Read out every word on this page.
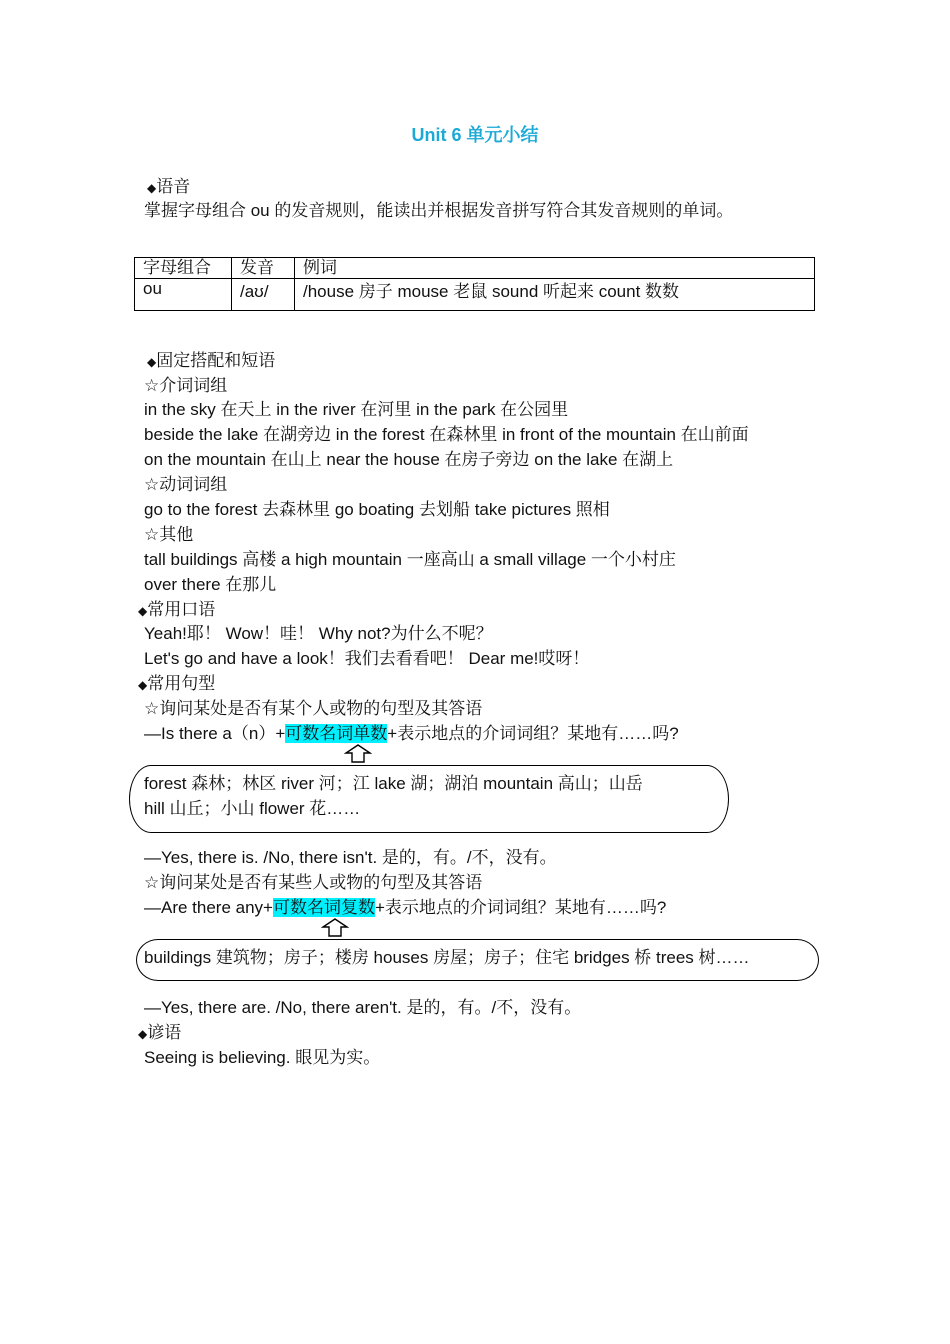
Unit 6 单元小结
◆语音
掌握字母组合 ou 的发音规则，能读出并根据发音拼写符合其发音规则的单词。
字母组合	发音	例词
ou	/aʊ/	/house 房子 mouse 老鼠 sound 听起来 count 数数
◆固定搭配和短语
☆介词词组
in the sky 在天上 in the river 在河里 in the park 在公园里
beside the lake 在湖旁边 in the forest 在森林里 in front of the mountain 在山前面
on the mountain 在山上 near the house 在房子旁边 on the lake 在湖上
☆动词词组
go to the forest 去森林里 go boating 去划船 take pictures 照相
☆其他
tall buildings 高楼 a high mountain 一座高山 a small village 一个小村庄
over there 在那儿
◆常用口语
Yeah!耶！ Wow！哇！ Why not?为什么不呢？
Let's go and have a look！我们去看看吧！ Dear me!哎呀！
◆常用句型
☆询问某处是否有某个人或物的句型及其答语
—Is there a（n）+可数名词单数+表示地点的介词词组？某地有……吗?
forest 森林；林区 river 河；江 lake 湖；湖泊 mountain 高山；山岳
hill 山丘；小山 flower 花……
—Yes, there is. /No, there isn't. 是的，有。/不，没有。
☆询问某处是否有某些人或物的句型及其答语
—Are there any+可数名词复数+表示地点的介词词组？某地有……吗?
buildings 建筑物；房子；楼房 houses 房屋；房子；住宅 bridges 桥 trees 树……
—Yes, there are. /No, there aren't. 是的，有。/不，没有。
◆谚语
Seeing is believing. 眼见为实。
